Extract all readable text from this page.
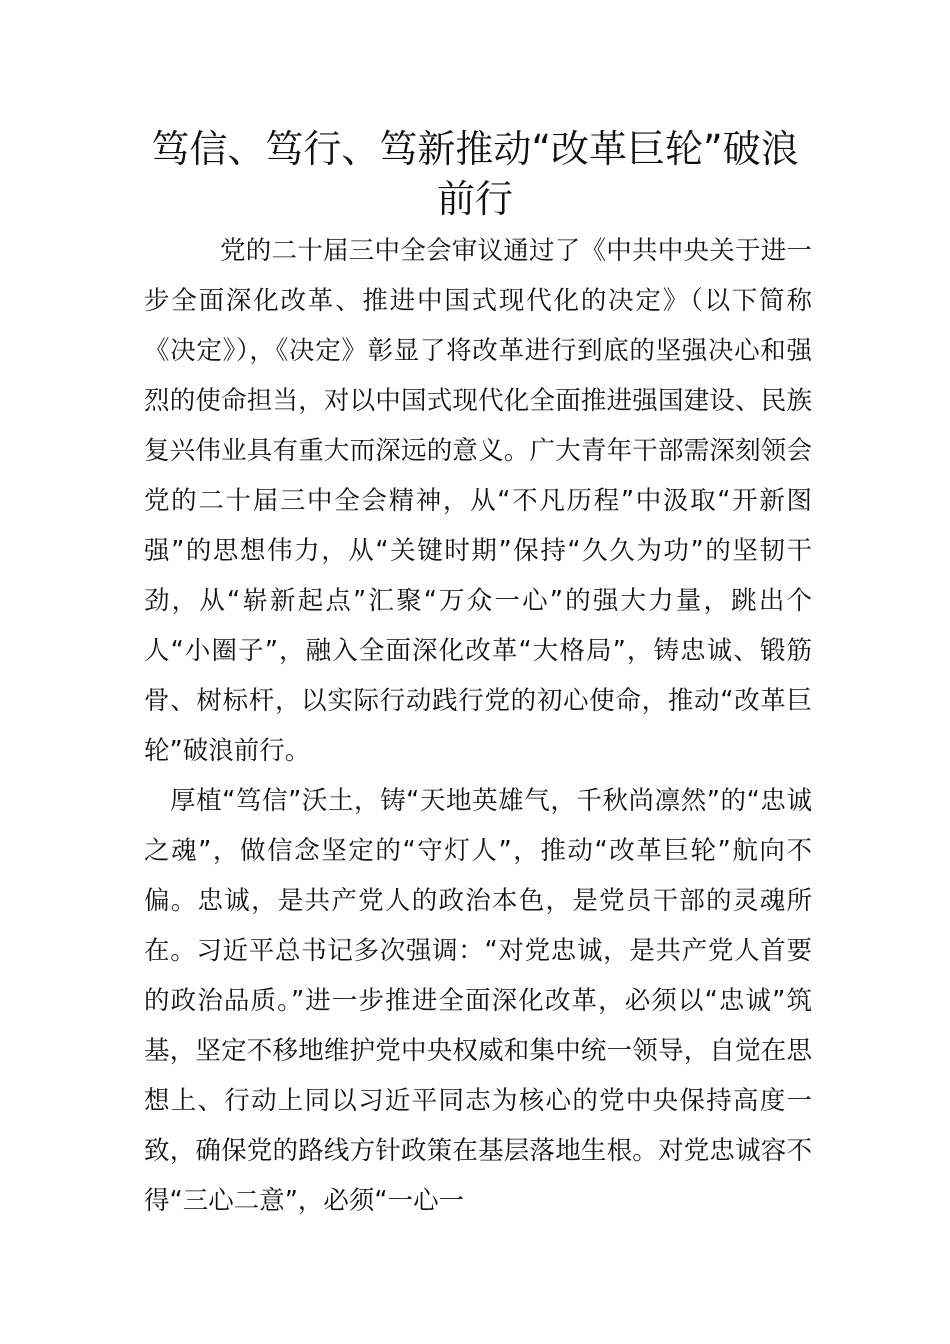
笃信、笃行、笃新推动“改革巨轮”破浪前行

党的二十届三中全会审议通过了《中共中央关于进一步全面深化改革、推进中国式现代化的决定》（以下简称《决定》），《决定》彰显了将改革进行到底的坚强决心和强烈的使命担当，对以中国式现代化全面推进强国建设、民族复兴伟业具有重大而深远的意义。广大青年干部需深刻领会党的二十届三中全会精神，从“不凡历程”中汲取“开新图强”的思想伟力，从“关键时期”保持“久久为功”的坚韧干劲，从“崭新起点”汇聚“万众一心”的强大力量，跳出个人“小圈子”，融入全面深化改革“大格局”，铸忠诚、锻筋骨、树标杆，以实际行动践行党的初心使命，推动“改革巨轮”破浪前行。

厚植“笃信”沃土，铸“天地英雄气，千秋尚凛然”的“忠诚之魂”，做信念坚定的“守灯人”，推动“改革巨轮”航向不偏。忠诚，是共产党人的政治本色，是党员干部的灵魂所在。习近平总书记多次强调：“对党忠诚，是共产党人首要的政治品质。”进一步推进全面深化改革，必须以“忠诚”筑基，坚定不移地维护党中央权威和集中统一领导，自觉在思想上、行动上同以习近平同志为核心的党中央保持高度一致，确保党的路线方针政策在基层落地生根。对党忠诚容不得“三心二意”，必须“一心一
